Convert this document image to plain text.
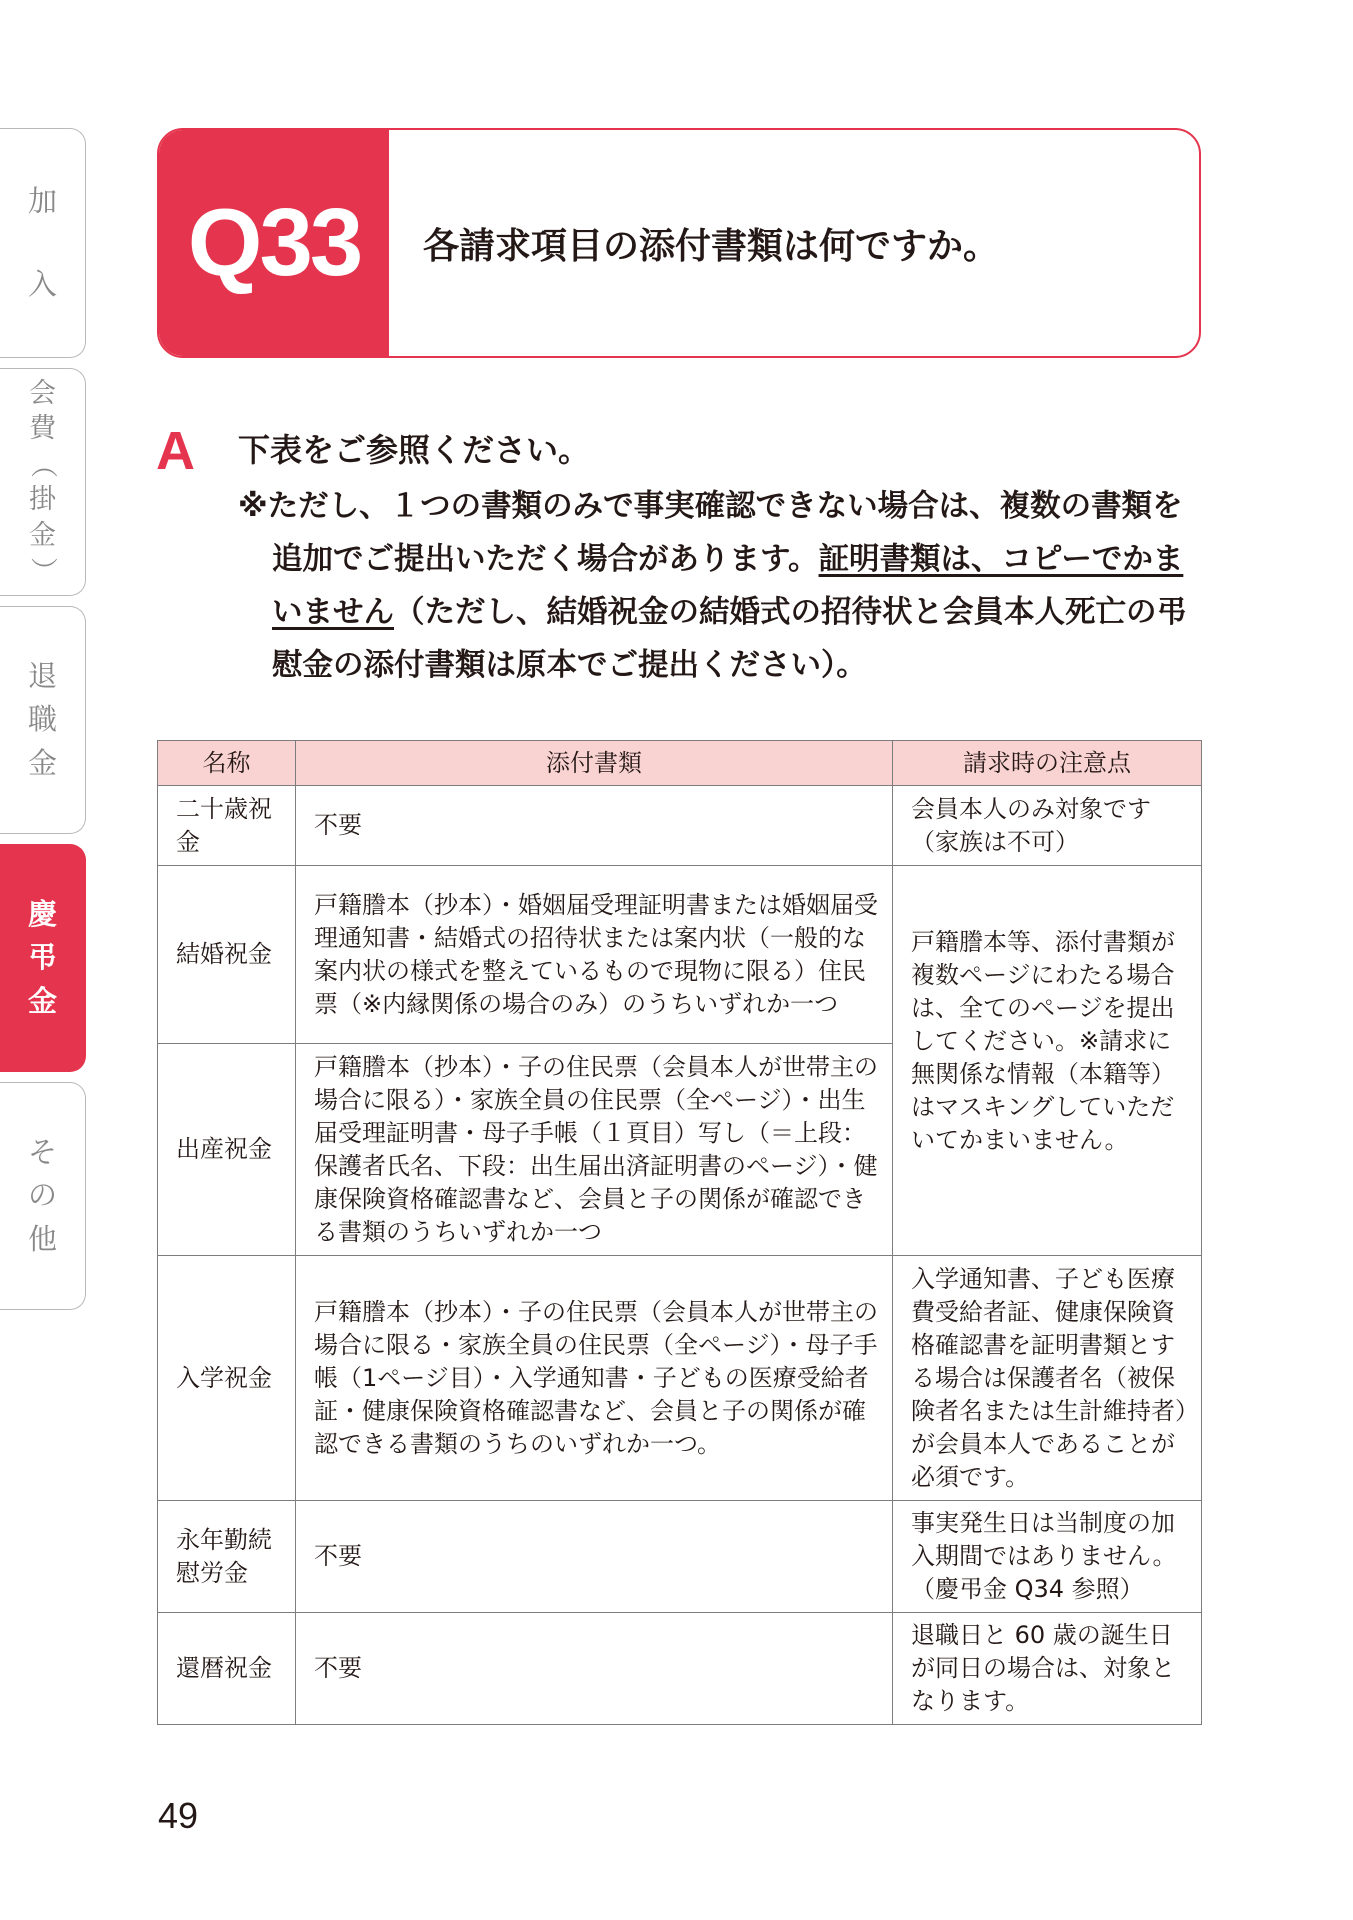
加
入
会
費
（
掛
金
）
退
職
金
慶
弔
金
そ
の
他
Q33	各請求項目の添付書類は何ですか。
A 下表をご参照ください。
※ただし、１つの書類のみで事実確認できない場合は、複数の書類を追加でご提出いただく場合があります。証明書類は、コピーでかまいません（ただし、結婚祝金の結婚式の招待状と会員本人死亡の弔慰金の添付書類は原本でご提出ください）。
名称	添付書類	請求時の注意点
二十歳祝金	不要	会員本人のみ対象です（家族は不可）
結婚祝金	戸籍謄本（抄本）・婚姻届受理証明書または婚姻届受理通知書・結婚式の招待状または案内状（一般的な案内状の様式を整えているもので現物に限る）住民票（※内縁関係の場合のみ）のうちいずれか一つ	戸籍謄本等、添付書類が複数ページにわたる場合は、全てのページを提出してください。※請求に無関係な情報（本籍等）はマスキングしていただいてかまいません。
出産祝金	戸籍謄本（抄本）・子の住民票（会員本人が世帯主の場合に限る）・家族全員の住民票（全ページ）・出生届受理証明書・母子手帳（１頁目）写し（＝上段：保護者氏名、下段：出生届出済証明書のページ）・健康保険資格確認書など、会員と子の関係が確認できる書類のうちいずれか一つ	
入学祝金	戸籍謄本（抄本）・子の住民票（会員本人が世帯主の場合に限る・家族全員の住民票（全ページ）・母子手帳（1ページ目）・入学通知書・子どもの医療受給者証・健康保険資格確認書など、会員と子の関係が確認できる書類のうちのいずれか一つ。	入学通知書、子ども医療費受給者証、健康保険資格確認書を証明書類とする場合は保護者名（被保険者名または生計維持者）が会員本人であることが必須です。
永年勤続慰労金	不要	事実発生日は当制度の加入期間ではありません。（慶弔金 Q34 参照）
還暦祝金	不要	退職日と 60 歳の誕生日が同日の場合は、対象となります。
49
